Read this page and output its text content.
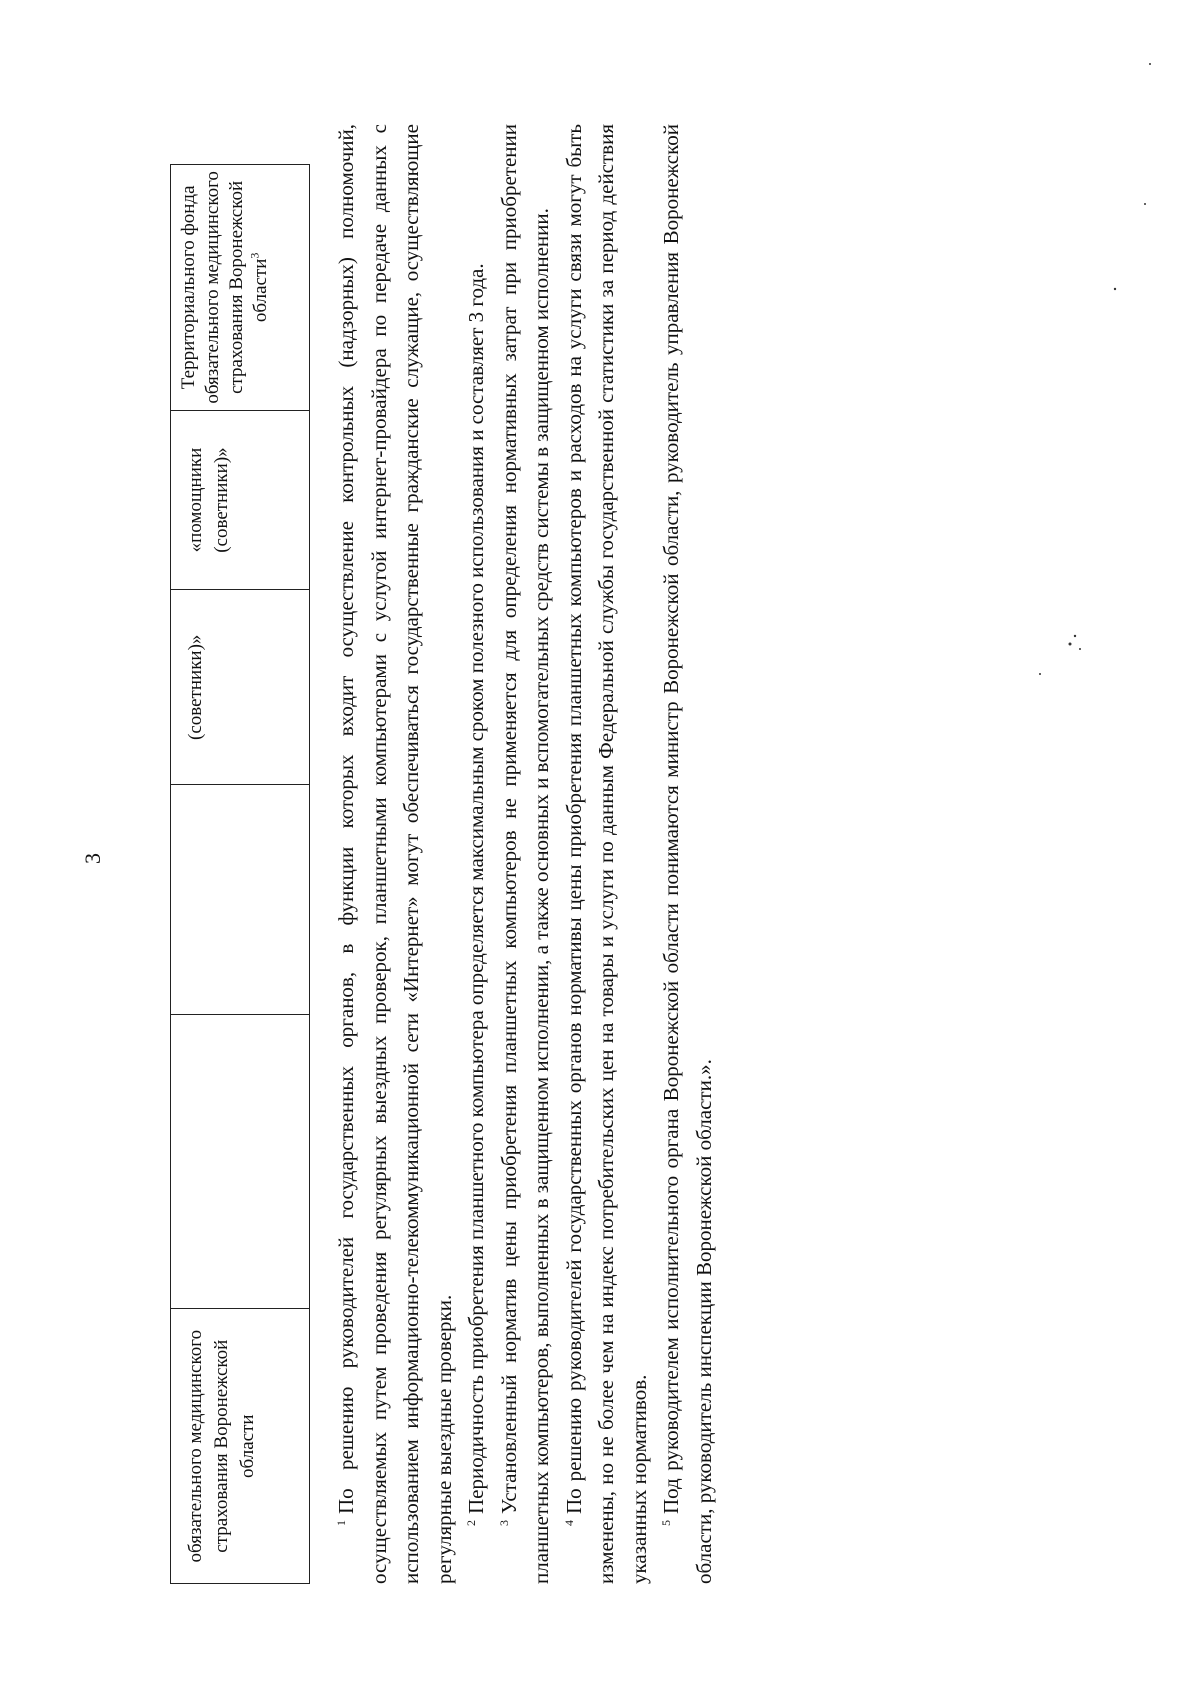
3
обязательного медицинского страхования Воронежской области
(советники)»
«помощники (советники)»
Территориального фонда обязательного медицинского страхования Воронежской области$^3$

$^1$По решению руководителей государственных органов, в функции которых входит осуществление контрольных (надзорных) полномочий, осуществляемых путем проведения регулярных выездных проверок, планшетными компьютерами с услугой интернет-провайдера по передаче данных с использованием информационно-телекоммуникационной сети «Интернет» могут обеспечиваться государственные гражданские служащие, осуществляющие регулярные выездные проверки. $^2$Периодичность приобретения планшетного компьютера определяется максимальным сроком полезного использования и составляет 3 года.

$^3$Установленный норматив цены приобретения планшетных компьютеров не применяется для определения нормативных затрат при приобретении планшетных компьютеров, выполненных в защищенном исполнении, а также основных и вспомогательных средств системы в защищенном исполнении. $^4$По решению руководителей государственных органов нормативы цены приобретения планшетных компьютеров и расходов на услуги связи могут быть изменены, но не более чем на индекс потребительских цен на товары и услуги по данным Федеральной службы государственной статистики за период действия указанных нормативов. $^5$Под руководителем исполнительного органа Воронежской области понимаются министр Воронежской области, руководитель управления Воронежской области, руководитель инспекции Воронежской области.».
